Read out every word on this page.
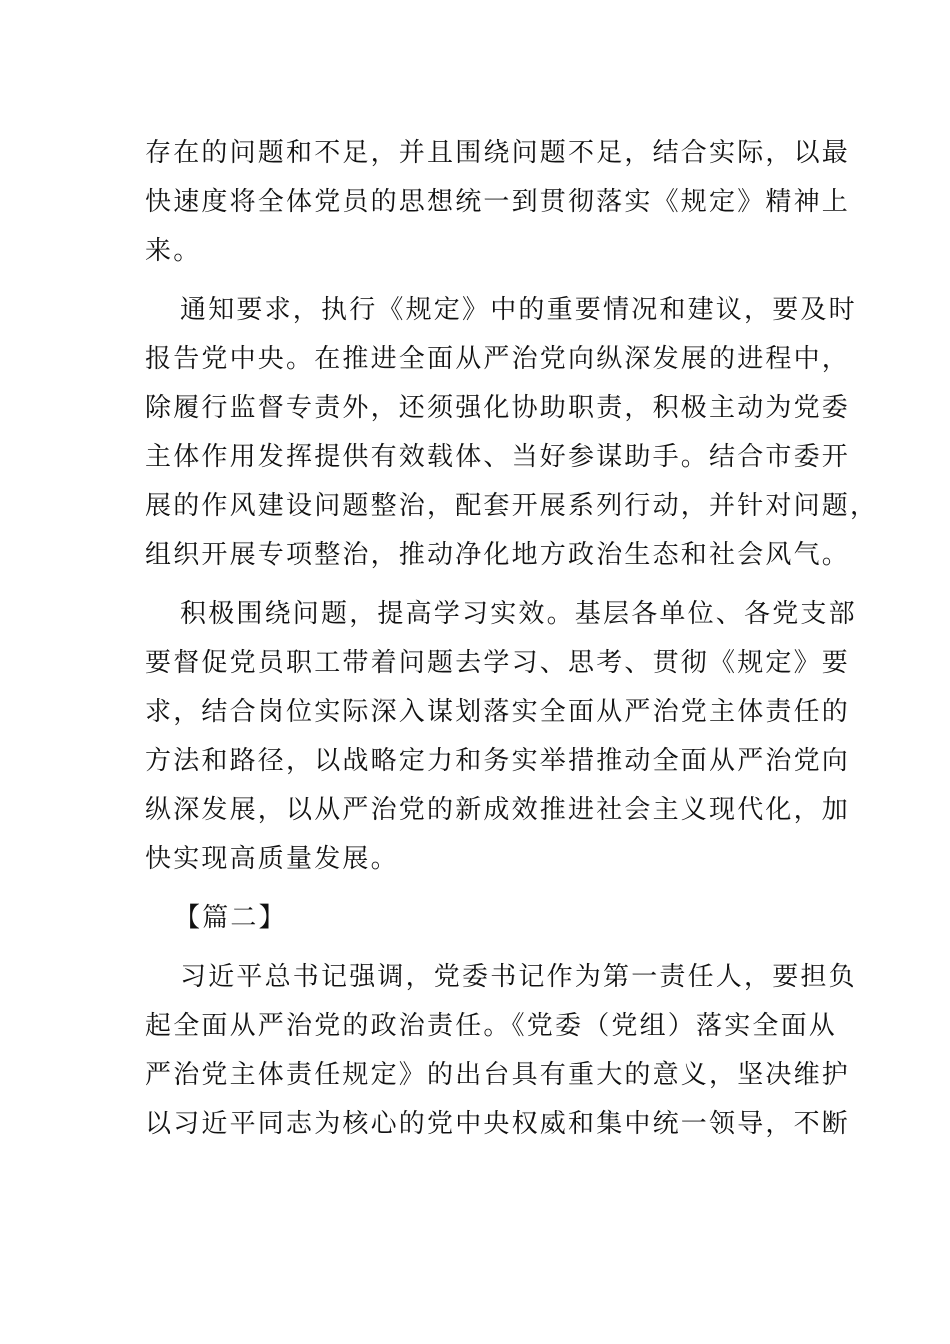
存在的问题和不足，并且围绕问题不足，结合实际，以最
快速度将全体党员的思想统一到贯彻落实《规定》精神上
来。
通知要求，执行《规定》中的重要情况和建议，要及时
报告党中央。在推进全面从严治党向纵深发展的进程中，
除履行监督专责外，还须强化协助职责，积极主动为党委
主体作用发挥提供有效载体、当好参谋助手。结合市委开
展的作风建设问题整治，配套开展系列行动，并针对问题，
组织开展专项整治，推动净化地方政治生态和社会风气。
积极围绕问题，提高学习实效。基层各单位、各党支部
要督促党员职工带着问题去学习、思考、贯彻《规定》要
求，结合岗位实际深入谋划落实全面从严治党主体责任的
方法和路径，以战略定力和务实举措推动全面从严治党向
纵深发展，以从严治党的新成效推进社会主义现代化，加
快实现高质量发展。
【篇二】
习近平总书记强调，党委书记作为第一责任人，要担负
起全面从严治党的政治责任。《党委（党组）落实全面从
严治党主体责任规定》的出台具有重大的意义，坚决维护
以习近平同志为核心的党中央权威和集中统一领导，不断
